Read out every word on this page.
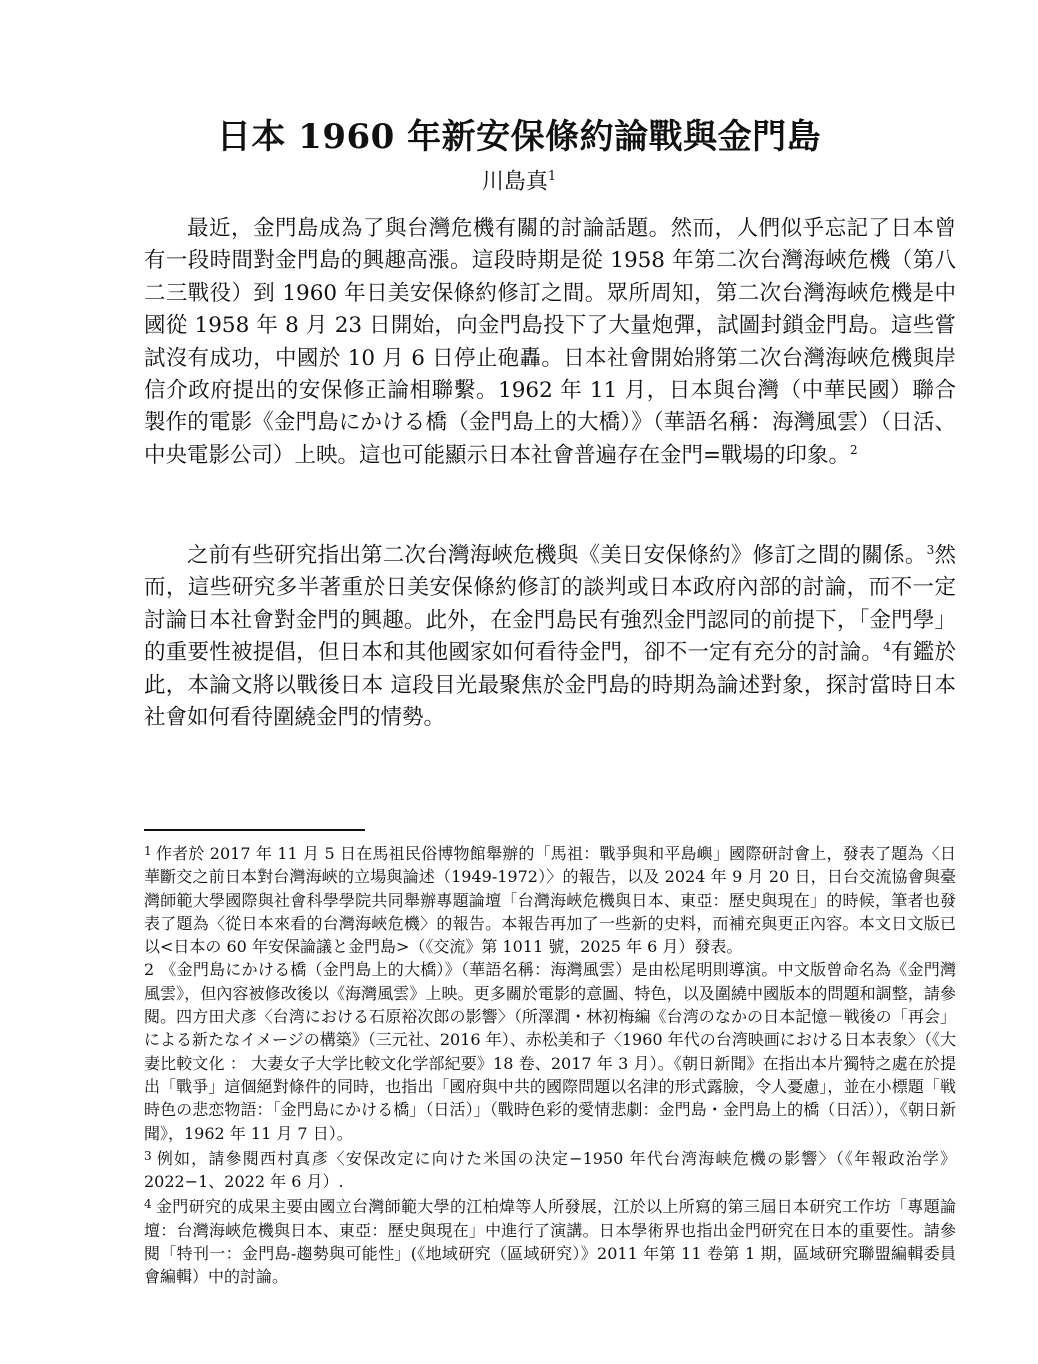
日本 1960 年新安保條約論戰與金門島
川島真$^1$

最近，金門島成為了與台灣危機有關的討論話題。然而，人們似乎忘記了日本曾有一段時間對金門島的興趣高漲。這段時期是從 1958 年第二次台灣海峽危機（第八二三戰役）到 1960 年日美安保條約修訂之間。眾所周知，第二次台灣海峽危機是中國從 1958 年 8 月 23 日開始，向金門島投下了大量炮彈，試圖封鎖金門島。這些嘗試沒有成功，中國於 10 月 6 日停止砲轟。日本社會開始將第二次台灣海峽危機與岸信介政府提出的安保修正論相聯繫。1962 年 11 月，日本與台灣（中華民國）聯合製作的電影《金門島にかける橋（金門島上的大橋）》（華語名稱：海灣風雲）（日活、中央電影公司）上映。這也可能顯示日本社會普遍存在金門=戰場的印象。$^2$

之前有些研究指出第二次台灣海峽危機與《美日安保條約》修訂之間的關係。$^3$然而，這些研究多半著重於日美安保條約修訂的談判或日本政府內部的討論，而不一定討論日本社會對金門的興趣。此外，在金門島民有強烈金門認同的前提下，「金門學」的重要性被提倡，但日本和其他國家如何看待金門，卻不一定有充分的討論。$^4$有鑑於此，本論文將以戰後日本 這段目光最聚焦於金門島的時期為論述對象，探討當時日本社會如何看待圍繞金門的情勢。

$^1$ 作者於 2017 年 11 月 5 日在馬祖民俗博物館舉辦的「馬祖：戰爭與和平島嶼」國際研討會上，發表了題為〈日華斷交之前日本對台灣海峽的立場與論述（1949-1972）〉的報告，以及 2024 年 9 月 20 日，日台交流協會與臺灣師範大學國際與社會科學學院共同舉辦專題論壇「台灣海峽危機與日本、東亞：歷史與現在」的時候，筆者也發表了題為〈從日本來看的台灣海峽危機〉的報告。本報告再加了一些新的史料，而補充與更正內容。本文日文版已以<日本の 60 年安保論議と金門島>（《交流》第 1011 號，2025 年 6 月）發表。

2 《金門島にかける橋（金門島上的大橋）》（華語名稱：海灣風雲）是由松尾明則導演。中文版曾命名為《金門灣風雲》，但內容被修改後以《海灣風雲》上映。更多關於電影的意圖、特色，以及圍繞中國版本的問題和調整，請參閱。四方田犬彥〈台湾における石原裕次郎の影響〉（所澤潤・林初梅編《台湾のなかの日本記憶－戦後の「再会」による新たなイメージの構築》（三元社、2016 年）、赤松美和子〈1960 年代の台湾映画における日本表象〉（《大妻比較文化 ： 大妻女子大学比較文化学部紀要》18 卷、2017 年 3 月）。《朝日新聞》在指出本片獨特之處在於提出「戰爭」這個絕對條件的同時，也指出「國府與中共的國際問題以名津的形式露臉，令人憂慮」，並在小標題「戦時色の悲恋物語：「金門島にかける橋」（日活）」（戰時色彩的愛情悲劇：金門島・金門島上的橋（日活）），《朝日新聞》，1962 年 11 月 7 日）。

$^3$ 例如，請參閱西村真彥〈安保改定に向けた米国の決定−1950 年代台湾海峡危機の影響〉（《年報政治学》2022−1、2022 年 6 月）.

$^4$ 金門研究的成果主要由國立台灣師範大學的江柏煒等人所發展，江於以上所寫的第三屆日本研究工作坊「專題論壇：台灣海峽危機與日本、東亞：歷史與現在」中進行了演講。日本學術界也指出金門研究在日本的重要性。請參閱「特刊一：金門島-趨勢與可能性」(《地域研究（區域研究）》2011 年第 11 卷第 1 期，區域研究聯盟編輯委員會編輯）中的討論。
